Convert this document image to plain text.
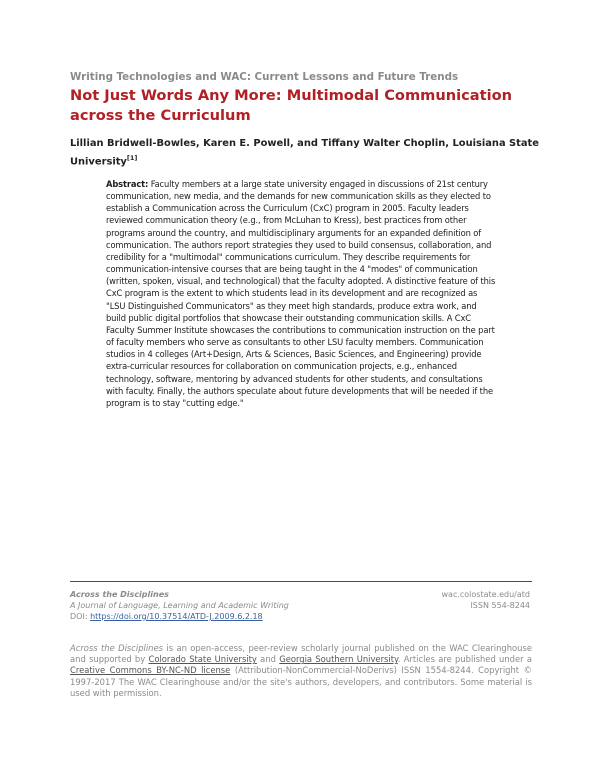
Writing Technologies and WAC: Current Lessons and Future Trends
Not Just Words Any More: Multimodal Communication across the Curriculum
Lillian Bridwell-Bowles, Karen E. Powell, and Tiffany Walter Choplin, Louisiana State University[1]
Abstract: Faculty members at a large state university engaged in discussions of 21st century communication, new media, and the demands for new communication skills as they elected to establish a Communication across the Curriculum (CxC) program in 2005. Faculty leaders reviewed communication theory (e.g., from McLuhan to Kress), best practices from other programs around the country, and multidisciplinary arguments for an expanded definition of communication. The authors report strategies they used to build consensus, collaboration, and credibility for a "multimodal" communications curriculum. They describe requirements for communication-intensive courses that are being taught in the 4 "modes" of communication (written, spoken, visual, and technological) that the faculty adopted. A distinctive feature of this CxC program is the extent to which students lead in its development and are recognized as "LSU Distinguished Communicators" as they meet high standards, produce extra work, and build public digital portfolios that showcase their outstanding communication skills. A CxC Faculty Summer Institute showcases the contributions to communication instruction on the part of faculty members who serve as consultants to other LSU faculty members. Communication studios in 4 colleges (Art+Design, Arts & Sciences, Basic Sciences, and Engineering) provide extra-curricular resources for collaboration on communication projects, e.g., enhanced technology, software, mentoring by advanced students for other students, and consultations with faculty. Finally, the authors speculate about future developments that will be needed if the program is to stay "cutting edge."
Across the Disciplines
A Journal of Language, Learning and Academic Writing
DOI: https://doi.org/10.37514/ATD-J.2009.6.2.18
wac.colostate.edu/atd
ISSN 554-8244
Across the Disciplines is an open-access, peer-review scholarly journal published on the WAC Clearinghouse and supported by Colorado State University and Georgia Southern University. Articles are published under a Creative Commons BY-NC-ND license (Attribution-NonCommercial-NoDerivs) ISSN 1554-8244. Copyright © 1997-2017 The WAC Clearinghouse and/or the site's authors, developers, and contributors. Some material is used with permission.
